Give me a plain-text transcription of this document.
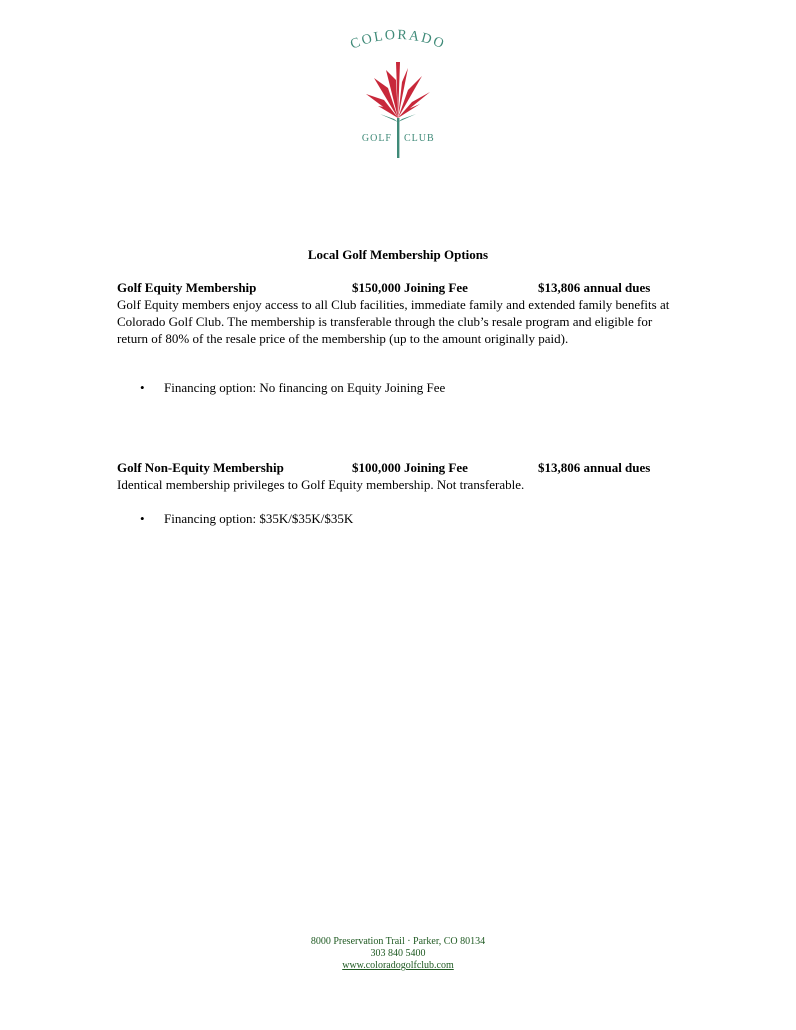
COLORADO
GOLF CLUB
Local Golf Membership Options
Golf Equity Membership	$150,000 Joining Fee	$13,806 annual dues

Golf Equity members enjoy access to all Club facilities, immediate family and extended family benefits at Colorado Golf Club. The membership is transferable through the club’s resale program and eligible for return of 80% of the resale price of the membership (up to the amount originally paid).

• Financing option: No financing on Equity Joining Fee
Golf Non-Equity Membership	$100,000 Joining Fee	$13,806 annual dues

Identical membership privileges to Golf Equity membership. Not transferable.

• Financing option: $35K/$35K/$35K
8000 Preservation Trail · Parker, CO 80134
303 840 5400
www.coloradogolfclub.com
